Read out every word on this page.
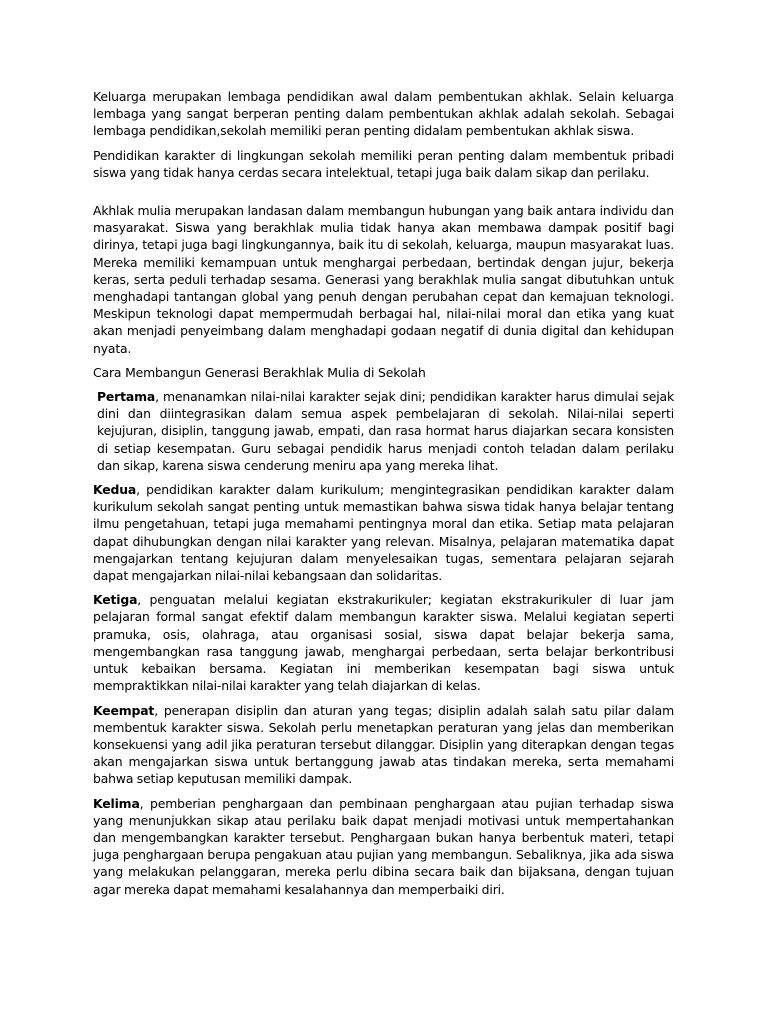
Keluarga merupakan lembaga pendidikan awal dalam pembentukan akhlak. Selain keluarga lembaga yang sangat berperan penting dalam pembentukan akhlak adalah sekolah. Sebagai lembaga pendidikan,sekolah memiliki peran penting didalam pembentukan akhlak siswa.

Pendidikan karakter di lingkungan sekolah memiliki peran penting dalam membentuk pribadi siswa yang tidak hanya cerdas secara intelektual, tetapi juga baik dalam sikap dan perilaku.

Akhlak mulia merupakan landasan dalam membangun hubungan yang baik antara individu dan masyarakat. Siswa yang berakhlak mulia tidak hanya akan membawa dampak positif bagi dirinya, tetapi juga bagi lingkungannya, baik itu di sekolah, keluarga, maupun masyarakat luas. Mereka memiliki kemampuan untuk menghargai perbedaan, bertindak dengan jujur, bekerja keras, serta peduli terhadap sesama. Generasi yang berakhlak mulia sangat dibutuhkan untuk menghadapi tantangan global yang penuh dengan perubahan cepat dan kemajuan teknologi. Meskipun teknologi dapat mempermudah berbagai hal, nilai-nilai moral dan etika yang kuat akan menjadi penyeimbang dalam menghadapi godaan negatif di dunia digital dan kehidupan nyata.

Cara Membangun Generasi Berakhlak Mulia di Sekolah

Pertama, menanamkan nilai-nilai karakter sejak dini; pendidikan karakter harus dimulai sejak dini dan diintegrasikan dalam semua aspek pembelajaran di sekolah. Nilai-nilai seperti kejujuran, disiplin, tanggung jawab, empati, dan rasa hormat harus diajarkan secara konsisten di setiap kesempatan. Guru sebagai pendidik harus menjadi contoh teladan dalam perilaku dan sikap, karena siswa cenderung meniru apa yang mereka lihat.

Kedua, pendidikan karakter dalam kurikulum; mengintegrasikan pendidikan karakter dalam kurikulum sekolah sangat penting untuk memastikan bahwa siswa tidak hanya belajar tentang ilmu pengetahuan, tetapi juga memahami pentingnya moral dan etika. Setiap mata pelajaran dapat dihubungkan dengan nilai karakter yang relevan. Misalnya, pelajaran matematika dapat mengajarkan tentang kejujuran dalam menyelesaikan tugas, sementara pelajaran sejarah dapat mengajarkan nilai-nilai kebangsaan dan solidaritas.

Ketiga, penguatan melalui kegiatan ekstrakurikuler; kegiatan ekstrakurikuler di luar jam pelajaran formal sangat efektif dalam membangun karakter siswa. Melalui kegiatan seperti pramuka, osis, olahraga, atau organisasi sosial, siswa dapat belajar bekerja sama, mengembangkan rasa tanggung jawab, menghargai perbedaan, serta belajar berkontribusi untuk kebaikan bersama. Kegiatan ini memberikan kesempatan bagi siswa untuk mempraktikkan nilai-nilai karakter yang telah diajarkan di kelas.

Keempat, penerapan disiplin dan aturan yang tegas; disiplin adalah salah satu pilar dalam membentuk karakter siswa. Sekolah perlu menetapkan peraturan yang jelas dan memberikan konsekuensi yang adil jika peraturan tersebut dilanggar. Disiplin yang diterapkan dengan tegas akan mengajarkan siswa untuk bertanggung jawab atas tindakan mereka, serta memahami bahwa setiap keputusan memiliki dampak.

Kelima, pemberian penghargaan dan pembinaan penghargaan atau pujian terhadap siswa yang menunjukkan sikap atau perilaku baik dapat menjadi motivasi untuk mempertahankan dan mengembangkan karakter tersebut. Penghargaan bukan hanya berbentuk materi, tetapi juga penghargaan berupa pengakuan atau pujian yang membangun. Sebaliknya, jika ada siswa yang melakukan pelanggaran, mereka perlu dibina secara baik dan bijaksana, dengan tujuan agar mereka dapat memahami kesalahannya dan memperbaiki diri.
